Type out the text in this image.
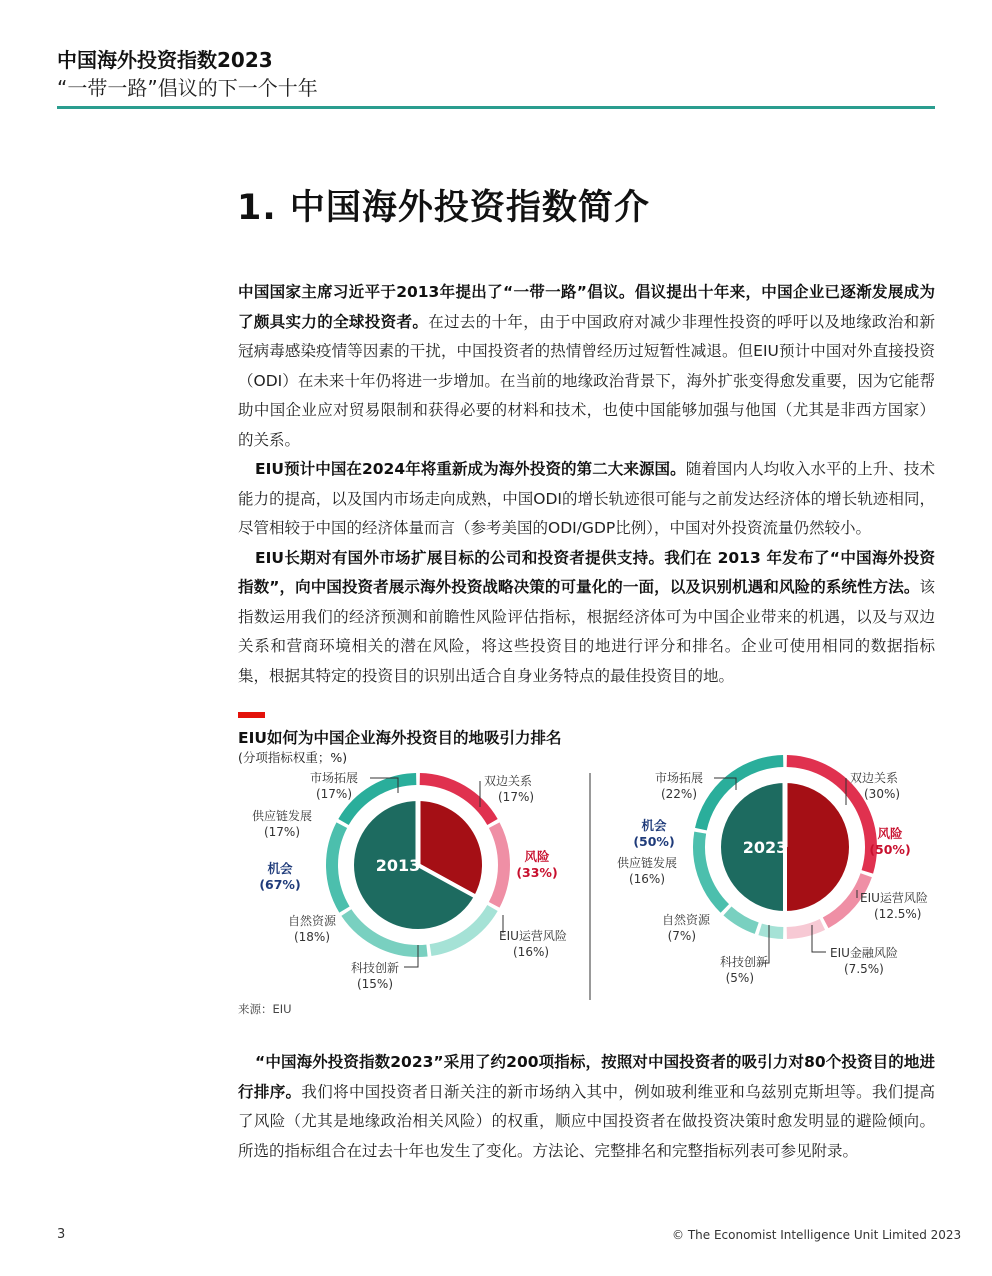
中国海外投资指数2023
“一带一路”倡议的下一个十年
1. 中国海外投资指数简介

中国国家主席习近平于2013年提出了“一带一路”倡议。倡议提出十年来，中国企业已逐渐发展成为了颇具实力的全球投资者。在过去的十年，由于中国政府对减少非理性投资的呼吁以及地缘政治和新冠病毒感染疫情等因素的干扰，中国投资者的热情曾经历过短暂性减退。但EIU预计中国对外直接投资（ODI）在未来十年仍将进一步增加。在当前的地缘政治背景下，海外扩张变得愈发重要，因为它能帮助中国企业应对贸易限制和获得必要的材料和技术，也使中国能够加强与他国（尤其是非西方国家）的关系。

EIU预计中国在2024年将重新成为海外投资的第二大来源国。随着国内人均收入水平的上升、技术能力的提高，以及国内市场走向成熟，中国ODI的增长轨迹很可能与之前发达经济体的增长轨迹相同，尽管相较于中国的经济体量而言（参考美国的ODI/GDP比例），中国对外投资流量仍然较小。

EIU长期对有国外市场扩展目标的公司和投资者提供支持。我们在 2013 年发布了“中国海外投资指数”，向中国投资者展示海外投资战略决策的可量化的一面，以及识别机遇和风险的系统性方法。该指数运用我们的经济预测和前瞻性风险评估指标，根据经济体可为中国企业带来的机遇，以及与双边关系和营商环境相关的潜在风险，将这些投资目的地进行评分和排名。企业可使用相同的数据指标集，根据其特定的投资目的识别出适合自身业务特点的最佳投资目的地。

EIU如何为中国企业海外投资目的地吸引力排名
(分项指标权重；%)
2013
机会
(67%)
风险
(33%)
双边关系
(17%)
EIU运营风险
(16%)
科技创新
(15%)
自然资源
(18%)
供应链发展
(17%)
市场拓展
(17%)
2023
机会
(50%)
风险
(50%)
双边关系
(30%)
EIU运营风险
(12.5%)
EIU金融风险
(7.5%)
科技创新
(5%)
自然资源
(7%)
供应链发展
(16%)
市场拓展
(22%)
来源：EIU

“中国海外投资指数2023”采用了约200项指标，按照对中国投资者的吸引力对80个投资目的地进行排序。我们将中国投资者日渐关注的新市场纳入其中，例如玻利维亚和乌兹别克斯坦等。我们提高了风险（尤其是地缘政治相关风险）的权重，顺应中国投资者在做投资决策时愈发明显的避险倾向。所选的指标组合在过去十年也发生了变化。方法论、完整排名和完整指标列表可参见附录。

3	© The Economist Intelligence Unit Limited 2023
